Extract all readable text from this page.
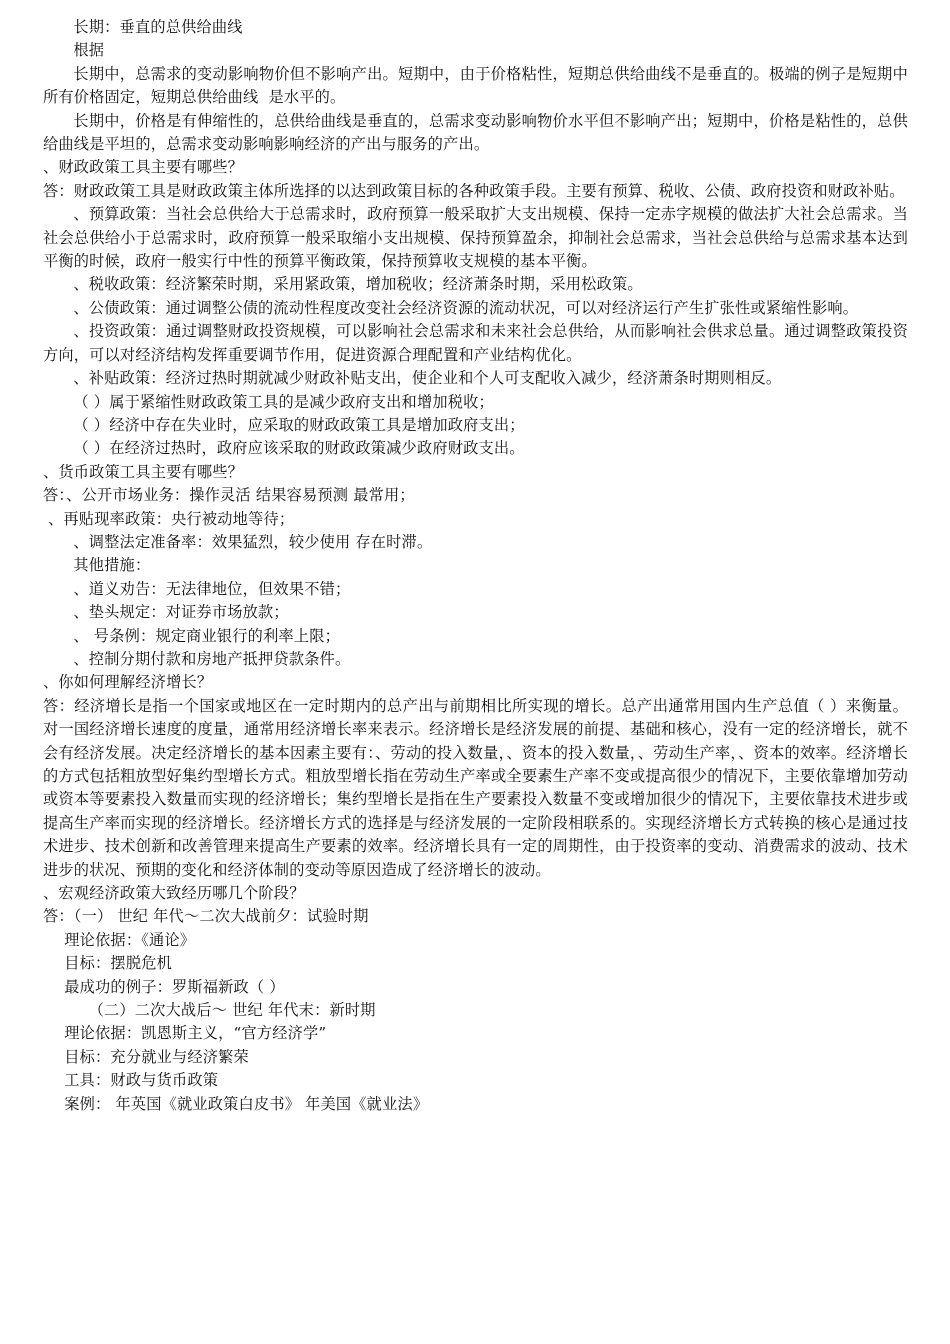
长期：垂直的总供给曲线 ​ ​

根据 ​ ​ ​ ​ ​

长期中，总需求的变动影响物价但不影响产出。短期中，由于价格粘性，短期总供给曲线不是垂直的。极端的例子是短期中所有价格固定，短期总供给曲线 ​ 是水平的。

长期中，价格是有伸缩性的，总供给曲线是垂直的，总需求变动影响物价水平但不影响产出；短期中，价格是粘性的，总供给曲线是平坦的，总需求变动影响影响经济的产出与服务的产出。

、财政政策工具主要有哪些？

答：财政政策工具是财政政策主体所选择的以达到政策目标的各种政策手段。主要有预算、税收、公债、政府投资和财政补贴。

、预算政策：当社会总供给大于总需求时，政府预算一般采取扩大支出规模、保持一定赤字规模的做法扩大社会总需求。当社会总供给小于总需求时，政府预算一般采取缩小支出规模、保持预算盈余，抑制社会总需求，当社会总供给与总需求基本达到平衡的时候，政府一般实行中性的预算平衡政策，保持预算收支规模的基本平衡。

、税收政策：经济繁荣时期，采用紧政策，增加税收；经济萧条时期，采用松政策。

、公债政策：通过调整公债的流动性程度改变社会经济资源的流动状况，可以对经济运行产生扩张性或紧缩性影响。

、投资政策：通过调整财政投资规模，可以影响社会总需求和未来社会总供给，从而影响社会供求总量。通过调整政策投资方向，可以对经济结构发挥重要调节作用，促进资源合理配置和产业结构优化。

、补贴政策：经济过热时期就减少财政补贴支出，使企业和个人可支配收入减少，经济萧条时期则相反。

（ ）属于紧缩性财政政策工具的是减少政府支出和增加税收；

（ ）经济中存在失业时，应采取的财政政策工具是增加政府支出；

（ ）在经济过热时，政府应该采取的财政政策减少政府财政支出。

、货币政策工具主要有哪些？

答：、公开市场业务：操作灵活 结果容易预测 最常用；

​ 、再贴现率政策：央行被动地等待；

、调整法定准备率：效果猛烈，较少使用 存在时滞。

其他措施：

、道义劝告：无法律地位，但效果不错；

、垫头规定：对证券市场放款；

、 号条例：规定商业银行的利率上限；

、控制分期付款和房地产抵押贷款条件。

、你如何理解经济增长？

答：经济增长是指一个国家或地区在一定时期内的总产出与前期相比所实现的增长。总产出通常用国内生产总值（ ）来衡量。对一国经济增长速度的度量，通常用经济增长率来表示。经济增长是经济发展的前提、基础和核心，没有一定的经济增长，就不会有经济发展。决定经济增长的基本因素主要有：、劳动的投入数量，、资本的投入数量，、劳动生产率，、资本的效率。经济增长的方式包括粗放型好集约型增长方式。粗放型增长指在劳动生产率或全要素生产率不变或提高很少的情况下，主要依靠增加劳动或资本等要素投入数量而实现的经济增长；集约型增长是指在生产要素投入数量不变或增加很少的情况下，主要依靠技术进步或提高生产率而实现的经济增长。经济增长方式的选择是与经济发展的一定阶段相联系的。实现经济增长方式转换的核心是通过技术进步、技术创新和改善管理来提高生产要素的效率。经济增长具有一定的周期性，由于投资率的变动、消费需求的波动、技术进步的状况、预期的变化和经济体制的变动等原因造成了经济增长的波动。

、宏观经济政策大致经历哪几个阶段？

答：（一） 世纪 年代～二次大战前夕：试验时期

理论依据：《通论》

目标：摆脱危机

最成功的例子：罗斯福新政（ ）

（二）二次大战后～ 世纪 年代末：新时期

理论依据：凯恩斯主义，“官方经济学”

目标：充分就业与经济繁荣

工具：财政与货币政策

案例： 年英国《就业政策白皮书》 年美国《就业法》
